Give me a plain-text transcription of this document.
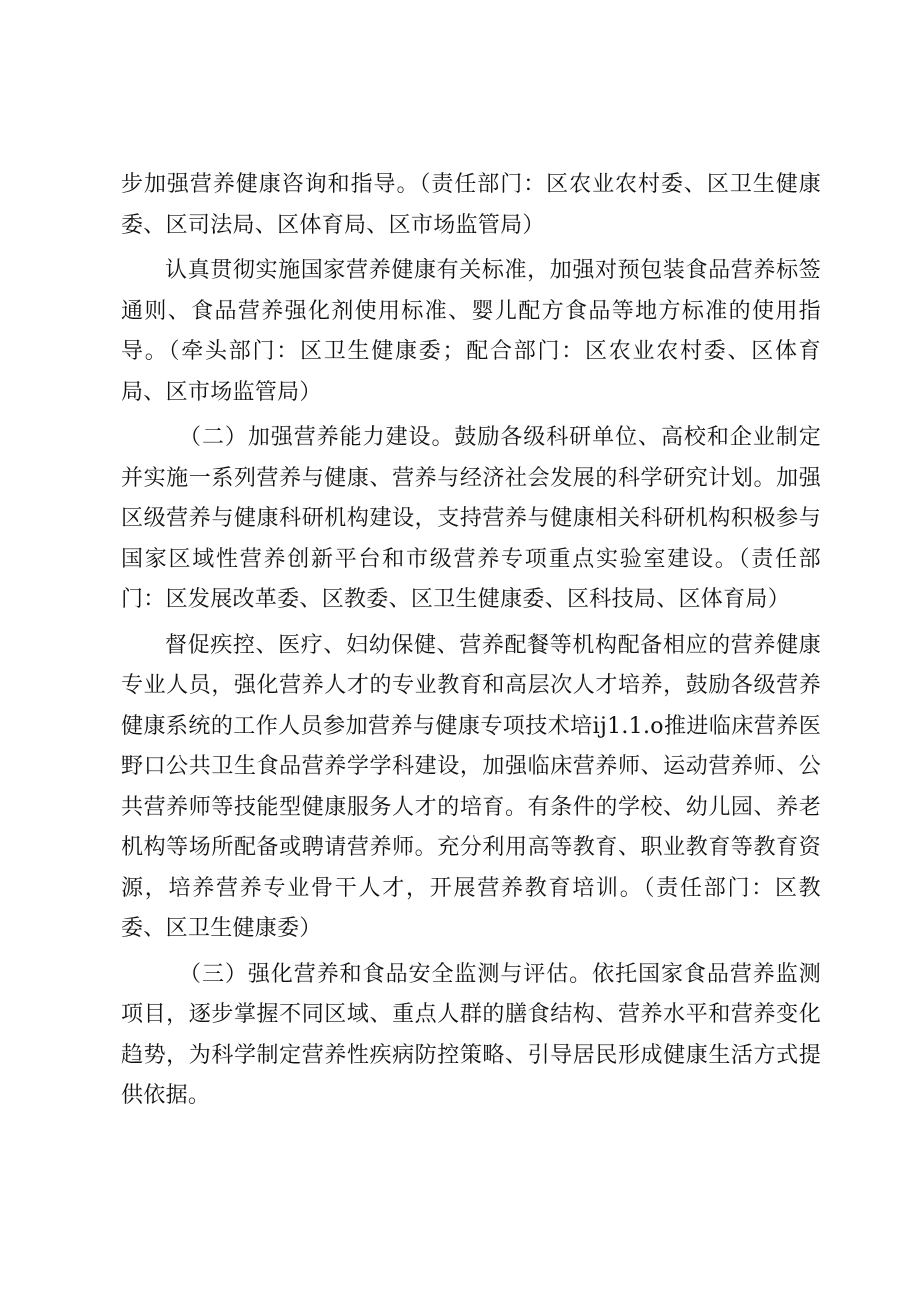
步加强营养健康咨询和指导。（责任部门：区农业农村委、区卫生健康委、区司法局、区体育局、区市场监管局）

认真贯彻实施国家营养健康有关标准，加强对预包装食品营养标签通则、食品营养强化剂使用标准、婴儿配方食品等地方标准的使用指导。（牵头部门：区卫生健康委；配合部门：区农业农村委、区体育局、区市场监管局）

（二）加强营养能力建设。鼓励各级科研单位、高校和企业制定并实施一系列营养与健康、营养与经济社会发展的科学研究计划。加强区级营养与健康科研机构建设，支持营养与健康相关科研机构积极参与国家区域性营养创新平台和市级营养专项重点实验室建设。（责任部门：区发展改革委、区教委、区卫生健康委、区科技局、区体育局）

督促疾控、医疗、妇幼保健、营养配餐等机构配备相应的营养健康专业人员，强化营养人才的专业教育和高层次人才培养，鼓励各级营养健康系统的工作人员参加营养与健康专项技术培ij1.1.o推进临床营养医野口公共卫生食品营养学学科建设，加强临床营养师、运动营养师、公共营养师等技能型健康服务人才的培育。有条件的学校、幼儿园、养老机构等场所配备或聘请营养师。充分利用高等教育、职业教育等教育资源，培养营养专业骨干人才，开展营养教育培训。（责任部门：区教委、区卫生健康委）

（三）强化营养和食品安全监测与评估。依托国家食品营养监测项目，逐步掌握不同区域、重点人群的膳食结构、营养水平和营养变化趋势，为科学制定营养性疾病防控策略、引导居民形成健康生活方式提供依据。
